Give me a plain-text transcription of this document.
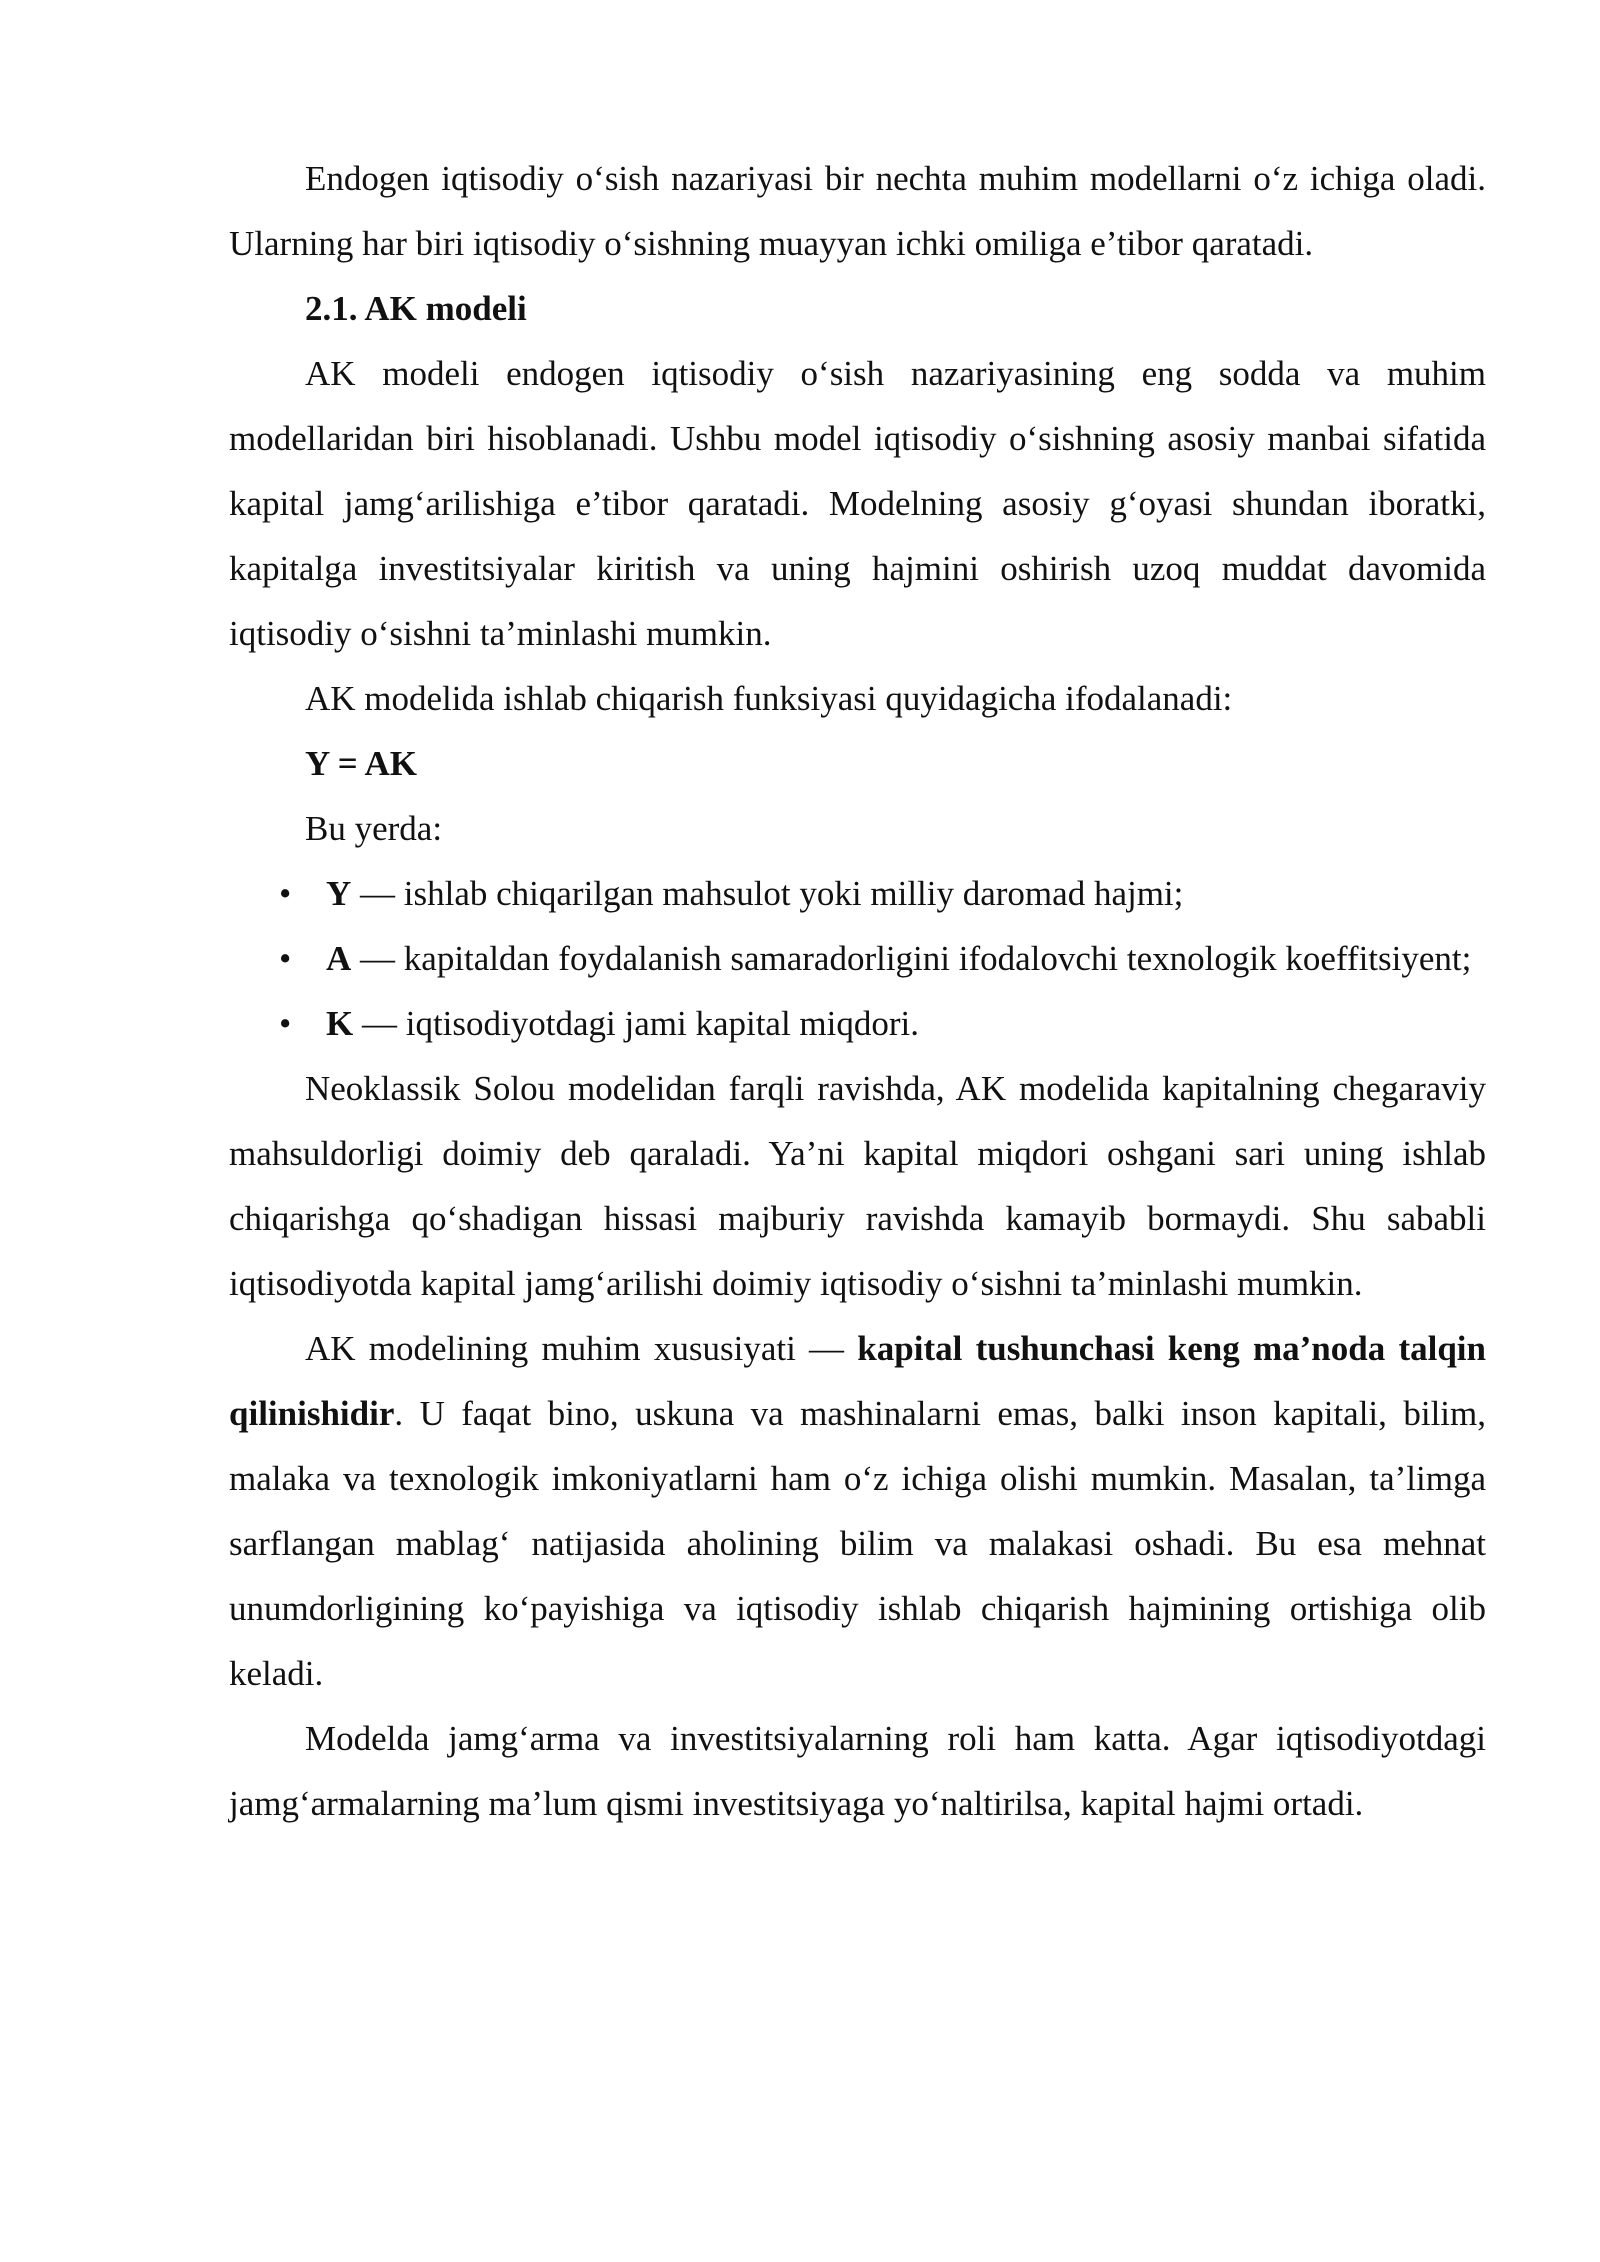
Endogen iqtisodiy o‘sish nazariyasi bir nechta muhim modellarni o‘z ichiga oladi. Ularning har biri iqtisodiy o‘sishning muayyan ichki omiliga e’tibor qaratadi.

2.1. AK modeli

AK modeli endogen iqtisodiy o‘sish nazariyasining eng sodda va muhim modellaridan biri hisoblanadi. Ushbu model iqtisodiy o‘sishning asosiy manbai sifatida kapital jamg‘arilishiga e’tibor qaratadi. Modelning asosiy g‘oyasi shundan iboratki, kapitalga investitsiyalar kiritish va uning hajmini oshirish uzoq muddat davomida iqtisodiy o‘sishni ta’minlashi mumkin.

AK modelida ishlab chiqarish funksiyasi quyidagicha ifodalanadi:

Y = AK

Bu yerda:

• Y — ishlab chiqarilgan mahsulot yoki milliy daromad hajmi;
• A — kapitaldan foydalanish samaradorligini ifodalovchi texnologik koeffitsiyent;
• K — iqtisodiyotdagi jami kapital miqdori.

Neoklassik Solou modelidan farqli ravishda, AK modelida kapitalning chegaraviy mahsuldorligi doimiy deb qaraladi. Ya’ni kapital miqdori oshgani sari uning ishlab chiqarishga qo‘shadigan hissasi majburiy ravishda kamayib bormaydi. Shu sababli iqtisodiyotda kapital jamg‘arilishi doimiy iqtisodiy o‘sishni ta’minlashi mumkin.

AK modelining muhim xususiyati — kapital tushunchasi keng ma’noda talqin qilinishidir. U faqat bino, uskuna va mashinalarni emas, balki inson kapitali, bilim, malaka va texnologik imkoniyatlarni ham o‘z ichiga olishi mumkin. Masalan, ta’limga sarflangan mablag‘ natijasida aholining bilim va malakasi oshadi. Bu esa mehnat unumdorligining ko‘payishiga va iqtisodiy ishlab chiqarish hajmining ortishiga olib keladi.

Modelda jamg‘arma va investitsiyalarning roli ham katta. Agar iqtisodiyotdagi jamg‘armalarning ma’lum qismi investitsiyaga yo‘naltirilsa, kapital hajmi ortadi.
